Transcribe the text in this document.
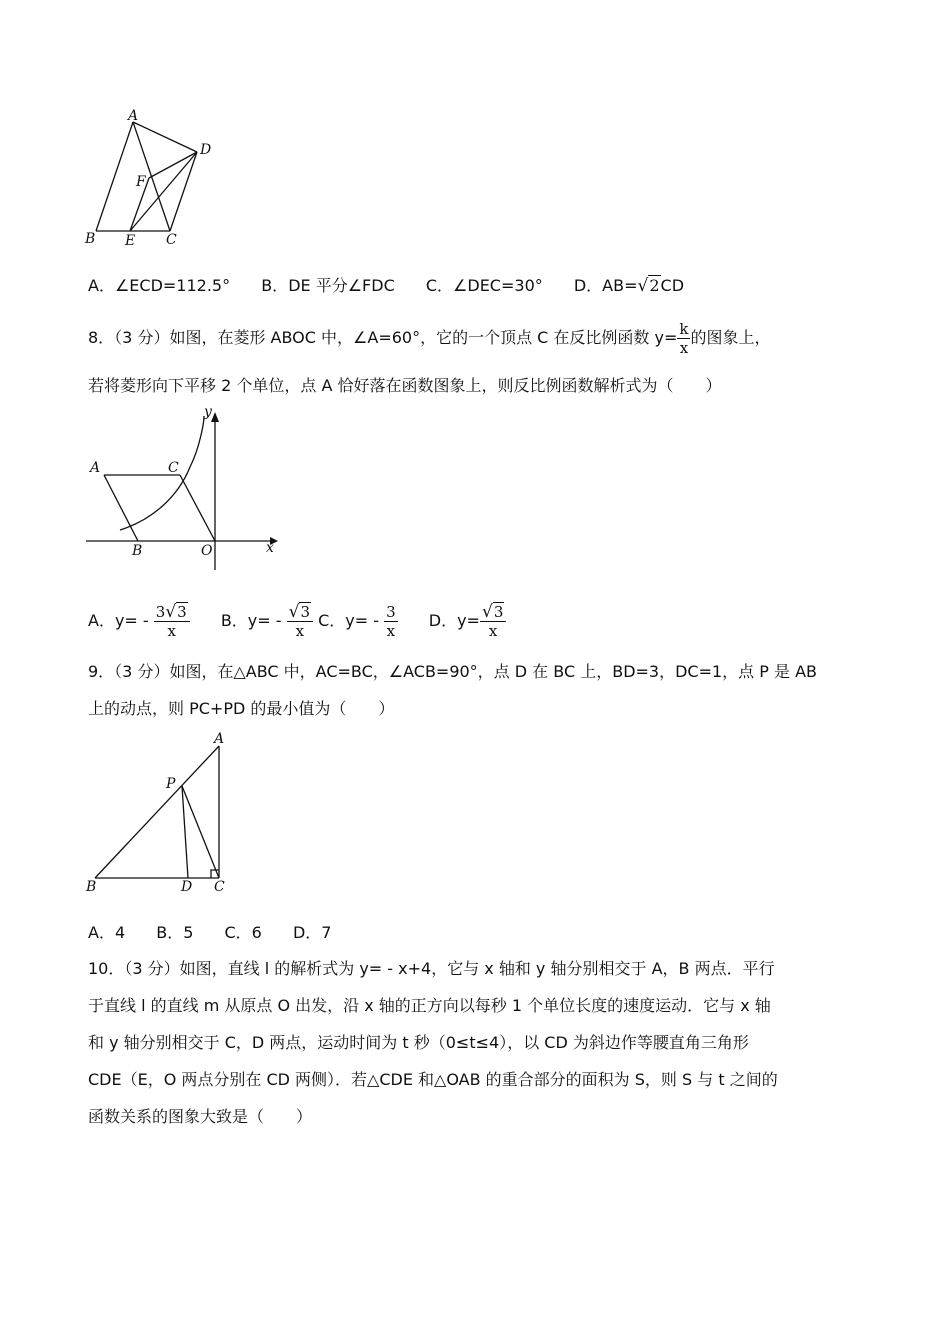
A
D
F
B E C
A．∠ECD=112.5° B．DE 平分∠FDC C．∠DEC=30° D．AB=√2CD
8．（3 分）如图，在菱形 ABOC 中，∠A=60°，它的一个顶点 C 在反比例函数 $y= \frac{k}{x}$ 的图象上，
若将菱形向下平移 2 个单位，点 A 恰好落在函数图象上，则反比例函数解析式为（　　）
y
A	C
B	O	x
A．$y= - \frac{3√3}{x}$ B．$y= - \frac{√3}{x}$ C．$y= - \frac{3}{x}$ D．$y= \frac{√3}{x}$
9．（3 分）如图，在△ABC 中，AC=BC，∠ACB=90°，点 D 在 BC 上，BD=3，DC=1，点 P 是 AB
上的动点，则 PC+PD 的最小值为（　　）
A
P
B	D C
A．4 B．5 C．6 D．7
10．（3 分）如图，直线 l 的解析式为 y= - x+4，它与 x 轴和 y 轴分别相交于 A，B 两点．平行
于直线 l 的直线 m 从原点 O 出发，沿 x 轴的正方向以每秒 1 个单位长度的速度运动．它与 x 轴
和 y 轴分别相交于 C，D 两点，运动时间为 t 秒（0≤t≤4），以 CD 为斜边作等腰直角三角形
CDE（E，O 两点分别在 CD 两侧）．若△CDE 和△OAB 的重合部分的面积为 S，则 S 与 t 之间的
函数关系的图象大致是（　　）
